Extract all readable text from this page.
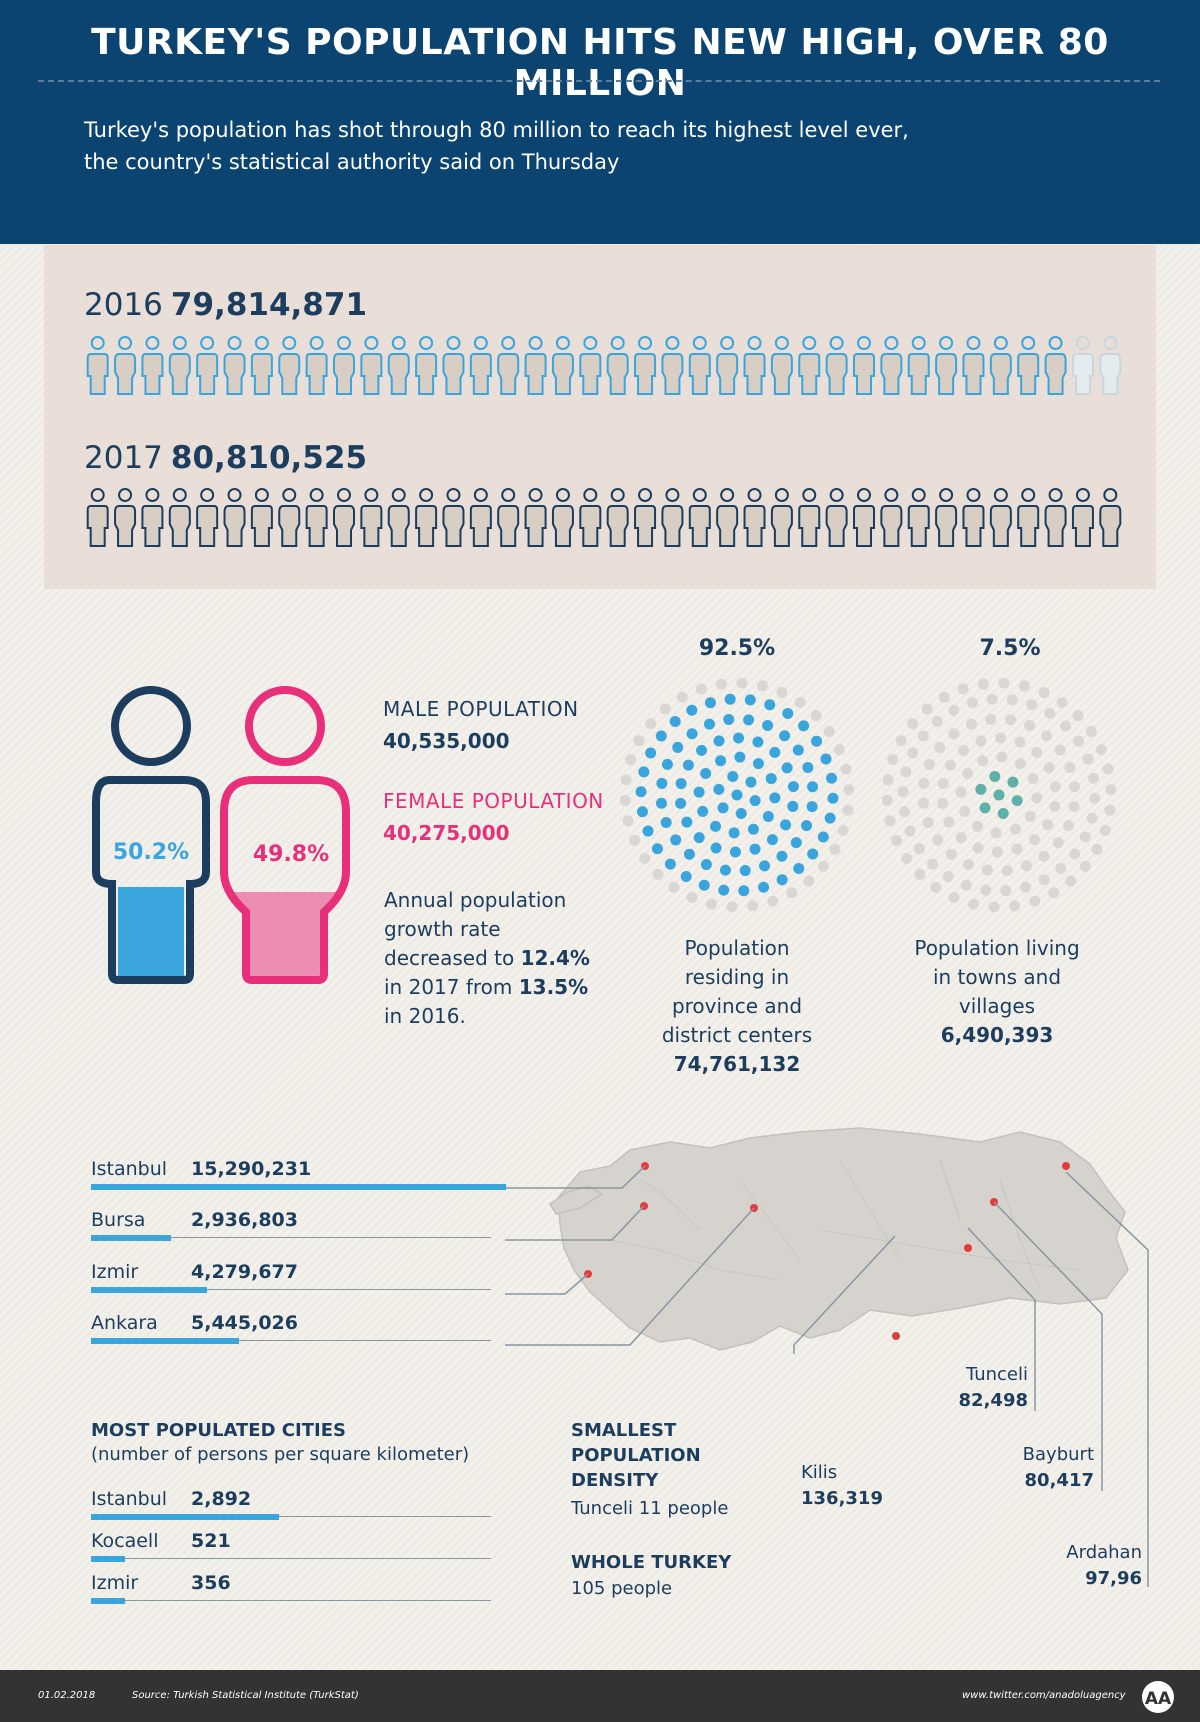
TURKEY'S POPULATION HITS NEW HIGH, OVER 80 MILLION
Turkey's population has shot through 80 million to reach its highest level ever,
the country's statistical authority said on Thursday
2016 79,814,871
2017 80,810,525
50.2%	49.8%
MALE POPULATION
40,535,000
FEMALE POPULATION
40,275,000
Annual population
growth rate
decreased to 12.4%
in 2017 from 13.5%
in 2016.
92.5%	7.5%
Population
residing in
province and
district centers
74,761,132
Population living
in towns and
villages
6,490,393
Istanbul 15,290,231
Bursa 2,936,803
Izmir	4,279,677
Ankara 5,445,026
MOST POPULATED CITIES
(number of persons per square kilometer)
Istanbul 2,892
Kocaell 521
Izmir	356
SMALLEST
POPULATION
DENSITY
Tunceli 11 people
WHOLE TURKEY
105 people
Tunceli
82,498
Kilis
136,319
Bayburt
80,417
Ardahan
97,96
01.02.2018	Source: Turkish Statistical Institute (TurkStat)	www.twitter.com/anadoluagency AA
